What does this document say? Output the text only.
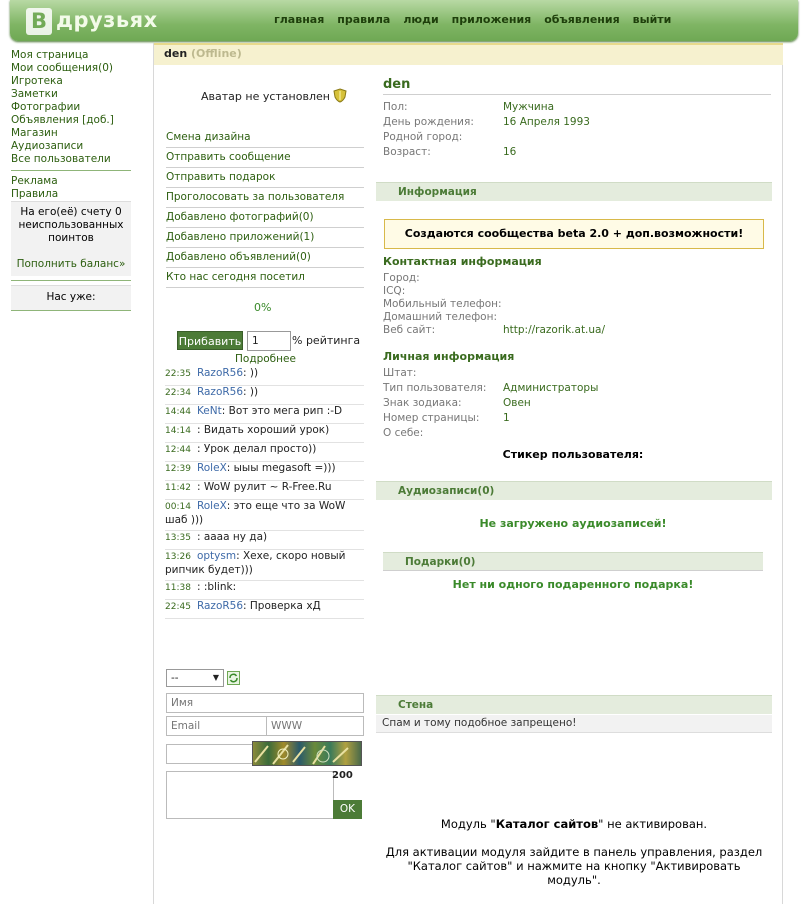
В друзьях	главная правила люди приложения объявления выйти
Моя страница
Мои сообщения(0)
Игротека
Заметки
Фотографии
Объявления [доб.]
Магазин
Аудиозаписи
Все пользователи
Реклама
Правила
На его(её) счету 0
неиспользованных
поинтов
Пополнить баланс»
Нас уже:
den (Offline)
Аватар не установлен
Смена дизайна
Отправить сообщение
Отправить подарок
Проголосовать за пользователя
Добавлено фотографий(0)
Добавлено приложений(1)
Добавлено объявлений(0)
Кто нас сегодня посетил
0%
Прибавить
1	% рейтинга
Подробнее
22:35 RazoR56: ))
22:34 RazoR56: ))
14:44 KeNt: Вот это мега рип :-D
14:14 : Видать хороший урок)
12:44 : Урок делал просто))
12:39 RoleX: ыыы megasoft =)))
11:42 : WoW рулит ~ R-Free.Ru
00:14 RoleX: это еще что за WoW шаб )))
13:35 : аааа ну да)
13:26 optysm: Хехе, скоро новый рипчик будет)))
11:38 : :blink:
22:45 RazoR56: Проверка хД
--	▼
Имя
Email
WWW
200
OK
den
Пол:	Мужчина
День рождения:	16 Апреля 1993
Родной город:
Возраст:	16
Информация
Создаются сообщества beta 2.0 + доп.возможности!
Контактная информация
Город:
ICQ:
Мобильный телефон:
Домашний телефон:
Веб сайт:	http://razorik.at.ua/
Личная информация
Штат:
Тип пользователя: Администраторы
Знак зодиака:	Овен
Номер страницы: 1
О себе:
Стикер пользователя:
Аудиозаписи(0)
Не загружено аудиозаписей!
Подарки(0)
Нет ни одного подаренного подарка!
Стена
Спам и тому подобное запрещено!
Модуль "Каталог сайтов" не активирован.
Для активации модуля зайдите в панель управления, раздел
"Каталог сайтов" и нажмите на кнопку "Активировать
модуль".
